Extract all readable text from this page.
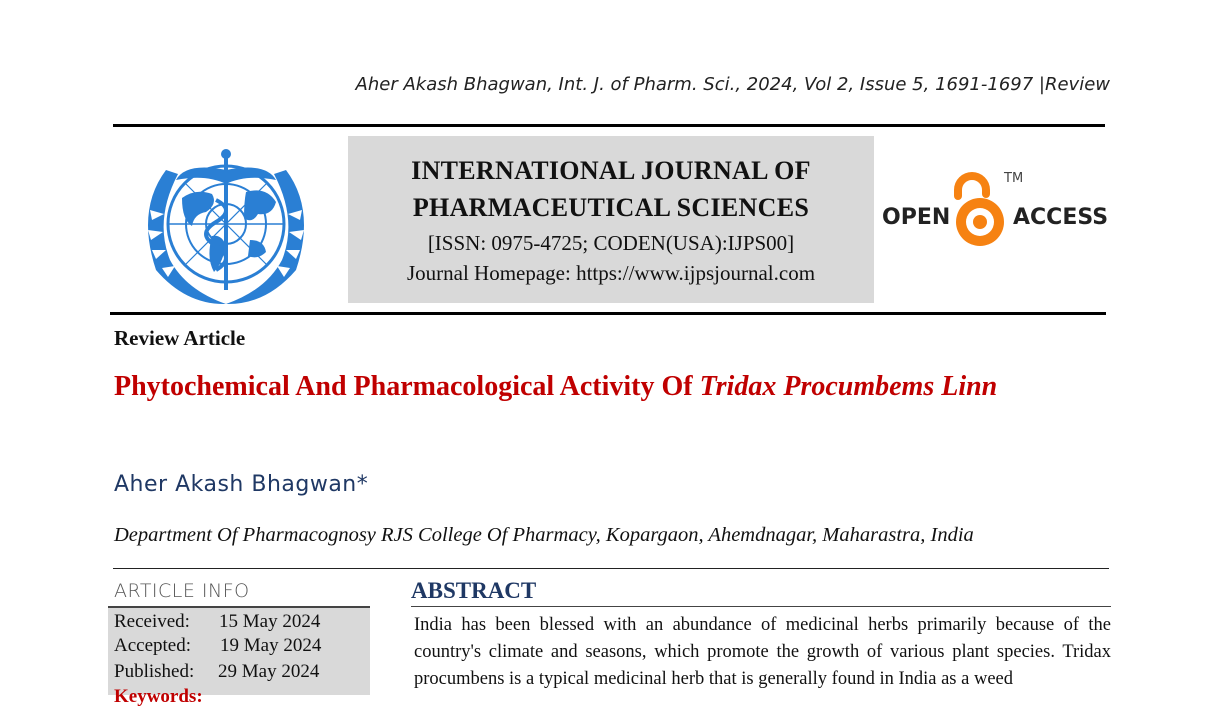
Aher Akash Bhagwan, Int. J. of Pharm. Sci., 2024, Vol 2, Issue 5, 1691-1697 |Review
INTERNATIONAL JOURNAL OF
PHARMACEUTICAL SCIENCES
[ISSN: 0975-4725; CODEN(USA):IJPS00]
Journal Homepage: https://www.ijpsjournal.com
OPEN	ACCESS
TM
Review Article
Phytochemical And Pharmacological Activity Of Tridax Procumbems Linn
Aher Akash Bhagwan*
Department Of Pharmacognosy RJS College Of Pharmacy, Kopargaon, Ahemdnagar, Maharastra, India
ARTICLE INFO
Received: 15 May 2024
Accepted: 19 May 2024
Published: 29 May 2024
Keywords:
ABSTRACT
India has been blessed with an abundance of medicinal herbs primarily because of the country's climate and seasons, which promote the growth of various plant species. Tridax procumbens is a typical medicinal herb that is generally found in India as a weed
